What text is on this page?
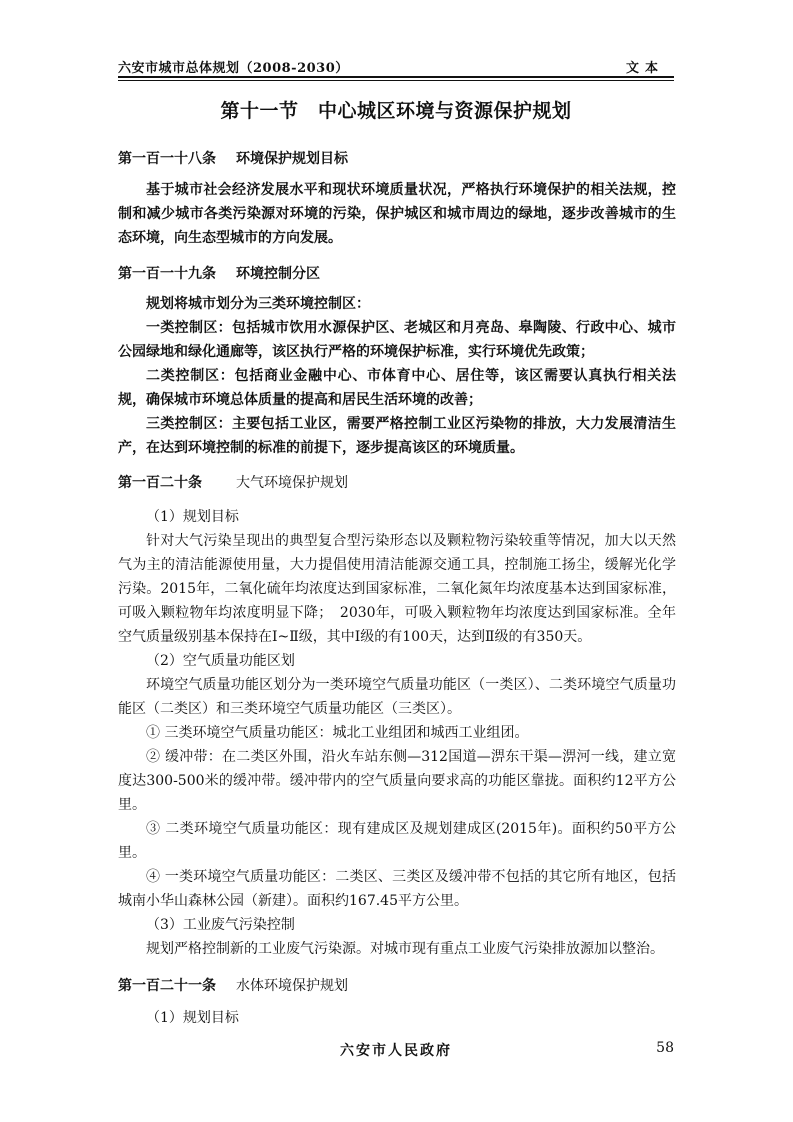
六安市城市总体规划（2008-2030）	文本
第十一节　中心城区环境与资源保护规划
第一百一十八条 环境保护规划目标
基于城市社会经济发展水平和现状环境质量状况，严格执行环境保护的相关法规，控制和减少城市各类污染源对环境的污染，保护城区和城市周边的绿地，逐步改善城市的生态环境，向生态型城市的方向发展。
第一百一十九条 环境控制分区
规划将城市划分为三类环境控制区：
一类控制区：包括城市饮用水源保护区、老城区和月亮岛、皋陶陵、行政中心、城市公园绿地和绿化通廊等，该区执行严格的环境保护标准，实行环境优先政策；
二类控制区：包括商业金融中心、市体育中心、居住等，该区需要认真执行相关法规，确保城市环境总体质量的提高和居民生活环境的改善；
三类控制区：主要包括工业区，需要严格控制工业区污染物的排放，大力发展清洁生产，在达到环境控制的标准的前提下，逐步提高该区的环境质量。
第一百二十条 大气环境保护规划
（1）规划目标
针对大气污染呈现出的典型复合型污染形态以及颗粒物污染较重等情况，加大以天然气为主的清洁能源使用量，大力提倡使用清洁能源交通工具，控制施工扬尘，缓解光化学污染。2015年，二氧化硫年均浓度达到国家标准，二氧化氮年均浓度基本达到国家标准，可吸入颗粒物年均浓度明显下降；　2030年，可吸入颗粒物年均浓度达到国家标准。全年空气质量级别基本保持在Ⅰ~Ⅱ级，其中Ⅰ级的有100天，达到Ⅱ级的有350天。
（2）空气质量功能区划
环境空气质量功能区划分为一类环境空气质量功能区（一类区）、二类环境空气质量功能区（二类区）和三类环境空气质量功能区（三类区）。
① 三类环境空气质量功能区：城北工业组团和城西工业组团。
② 缓冲带：在二类区外围，沿火车站东侧—312国道—淠东干渠—淠河一线，建立宽度达300-500米的缓冲带。缓冲带内的空气质量向要求高的功能区靠拢。面积约12平方公里。
③ 二类环境空气质量功能区：现有建成区及规划建成区(2015年)。面积约50平方公里。
④ 一类环境空气质量功能区：二类区、三类区及缓冲带不包括的其它所有地区，包括城南小华山森林公园（新建）。面积约167.45平方公里。
（3）工业废气污染控制
规划严格控制新的工业废气污染源。对城市现有重点工业废气污染排放源加以整治。
第一百二十一条 水体环境保护规划
（1）规划目标
六安市人民政府	58
